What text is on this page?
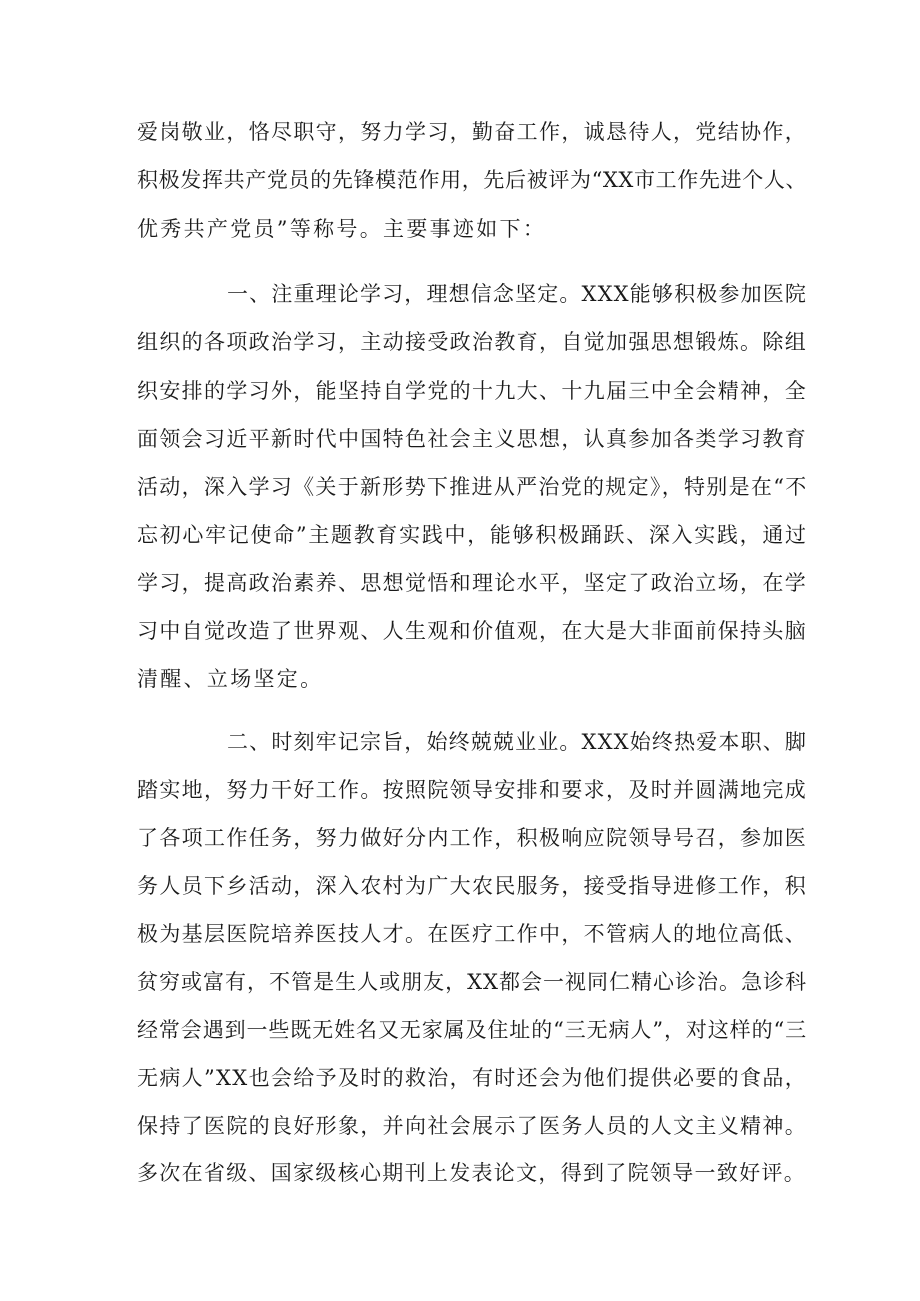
爱岗敬业，恪尽职守，努力学习，勤奋工作，诚恳待人，党结协作，
积极发挥共产党员的先锋模范作用，先后被评为“XX市工作先进个人、
优秀共产党员”等称号。主要事迹如下：
一、注重理论学习，理想信念坚定。XXX能够积极参加医院
组织的各项政治学习，主动接受政治教育，自觉加强思想锻炼。除组
织安排的学习外，能坚持自学党的十九大、十九届三中全会精神，全
面领会习近平新时代中国特色社会主义思想，认真参加各类学习教育
活动，深入学习《关于新形势下推进从严治党的规定》，特别是在“不
忘初心牢记使命”主题教育实践中，能够积极踊跃、深入实践，通过
学习，提高政治素养、思想觉悟和理论水平，坚定了政治立场，在学
习中自觉改造了世界观、人生观和价值观，在大是大非面前保持头脑
清醒、立场坚定。
二、时刻牢记宗旨，始终兢兢业业。XXX始终热爱本职、脚
踏实地，努力干好工作。按照院领导安排和要求，及时并圆满地完成
了各项工作任务，努力做好分内工作，积极响应院领导号召，参加医
务人员下乡活动，深入农村为广大农民服务，接受指导进修工作，积
极为基层医院培养医技人才。在医疗工作中，不管病人的地位高低、
贫穷或富有，不管是生人或朋友，XX都会一视同仁精心诊治。急诊科
经常会遇到一些既无姓名又无家属及住址的“三无病人”，对这样的“三
无病人”XX也会给予及时的救治，有时还会为他们提供必要的食品，
保持了医院的良好形象，并向社会展示了医务人员的人文主义精神。
多次在省级、国家级核心期刊上发表论文，得到了院领导一致好评。
